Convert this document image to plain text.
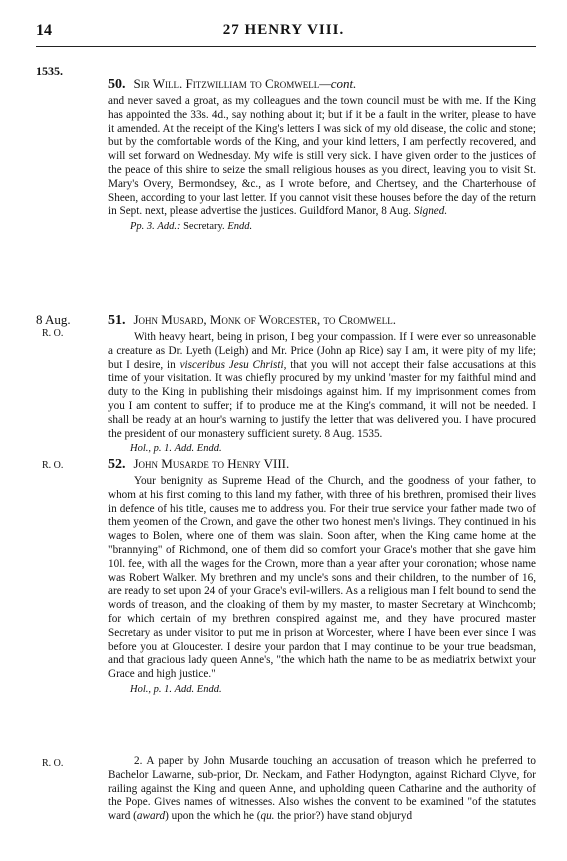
14	27 HENRY VIII.
1535.
50. Sir Will. Fitzwilliam to Cromwell—cont.

and never saved a groat, as my colleagues and the town council must be with me. If the King has appointed the 33s. 4d., say nothing about it; but if it be a fault in the writer, please to have it amended. At the receipt of the King's letters I was sick of my old disease, the colic and stone; but by the comfortable words of the King, and your kind letters, I am perfectly recovered, and will set forward on Wednesday. My wife is still very sick. I have given order to the justices of the peace of this shire to seize the small religious houses as you direct, leaving you to visit St. Mary's Overy, Bermondsey, &c., as I wrote before, and Chertsey, and the Charterhouse of Sheen, according to your last letter. If you cannot visit these houses before the day of the return in Sept. next, please advertise the justices. Guildford Manor, 8 Aug. Signed.

Pp. 3. Add.: Secretary. Endd.
8 Aug.
R. O.
51. John Musard, Monk of Worcester, to Cromwell.

With heavy heart, being in prison, I beg your compassion. If I were ever so unreasonable a creature as Dr. Lyeth (Leigh) and Mr. Price (John ap Rice) say I am, it were pity of my life; but I desire, in visceribus Jesu Christi, that you will not accept their false accusations at this time of your visitation. It was chiefly procured by my unkind 'master for my faithful mind and duty to the King in publishing their misdoings against him. If my imprisonment comes from you I am content to suffer; if to produce me at the King's command, it will not be needed. I shall be ready at an hour's warning to justify the letter that was delivered you. I have procured the president of our monastery sufficient surety. 8 Aug. 1535.

Hol., p. 1. Add. Endd.
R. O.	52. John Musarde to Henry VIII.

Your benignity as Supreme Head of the Church, and the goodness of your father, to whom at his first coming to this land my father, with three of his brethren, promised their lives in defence of his title, causes me to address you. For their true service your father made two of them yeomen of the Crown, and gave the other two honest men's livings. They continued in his wages to Bolen, where one of them was slain. Soon after, when the King came home at the "brannying" of Richmond, one of them did so comfort your Grace's mother that she gave him 10l. fee, with all the wages for the Crown, more than a year after your coronation; whose name was Robert Walker. My brethren and my uncle's sons and their children, to the number of 16, are ready to set upon 24 of your Grace's evil-willers. As a religious man I felt bound to send the words of treason, and the cloaking of them by my master, to master Secretary at Winchcomb; for which certain of my brethren conspired against me, and they have procured master Secretary as under visitor to put me in prison at Worcester, where I have been ever since I was before you at Gloucester. I desire your pardon that I may continue to be your true beadsman, and that gracious lady queen Anne's, "the which hath the name to be as mediatrix betwixt your Grace and high justice."

Hol., p. 1. Add. Endd.
R. O.	2. A paper by John Musarde touching an accusation of treason which he preferred to Bachelor Lawarne, sub-prior, Dr. Neckam, and Father Hodyngton, against Richard Clyve, for railing against the King and queen Anne, and upholding queen Catharine and the authority of the Pope. Gives names of witnesses. Also wishes the convent to be examined "of the statutes ward (award) upon the which he (qu. the prior?) have stand objuryd
